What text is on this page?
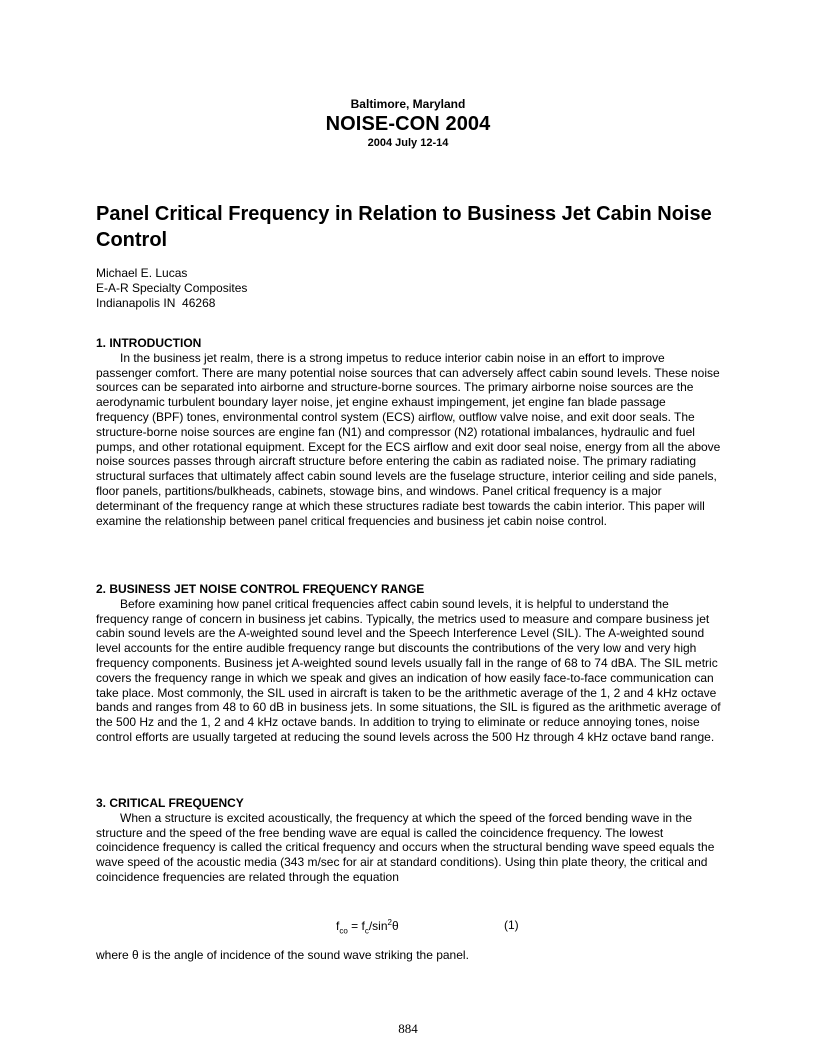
Baltimore, Maryland
NOISE-CON 2004
2004 July 12-14
Panel Critical Frequency in Relation to Business Jet Cabin Noise Control
Michael E. Lucas
E-A-R Specialty Composites
Indianapolis IN  46268
1. INTRODUCTION
In the business jet realm, there is a strong impetus to reduce interior cabin noise in an effort to improve passenger comfort. There are many potential noise sources that can adversely affect cabin sound levels. These noise sources can be separated into airborne and structure-borne sources. The primary airborne noise sources are the aerodynamic turbulent boundary layer noise, jet engine exhaust impingement, jet engine fan blade passage frequency (BPF) tones, environmental control system (ECS) airflow, outflow valve noise, and exit door seals. The structure-borne noise sources are engine fan (N1) and compressor (N2) rotational imbalances, hydraulic and fuel pumps, and other rotational equipment. Except for the ECS airflow and exit door seal noise, energy from all the above noise sources passes through aircraft structure before entering the cabin as radiated noise. The primary radiating structural surfaces that ultimately affect cabin sound levels are the fuselage structure, interior ceiling and side panels, floor panels, partitions/bulkheads, cabinets, stowage bins, and windows. Panel critical frequency is a major determinant of the frequency range at which these structures radiate best towards the cabin interior. This paper will examine the relationship between panel critical frequencies and business jet cabin noise control.
2. BUSINESS JET NOISE CONTROL FREQUENCY RANGE
Before examining how panel critical frequencies affect cabin sound levels, it is helpful to understand the frequency range of concern in business jet cabins. Typically, the metrics used to measure and compare business jet cabin sound levels are the A-weighted sound level and the Speech Interference Level (SIL). The A-weighted sound level accounts for the entire audible frequency range but discounts the contributions of the very low and very high frequency components. Business jet A-weighted sound levels usually fall in the range of 68 to 74 dBA. The SIL metric covers the frequency range in which we speak and gives an indication of how easily face-to-face communication can take place. Most commonly, the SIL used in aircraft is taken to be the arithmetic average of the 1, 2 and 4 kHz octave bands and ranges from 48 to 60 dB in business jets. In some situations, the SIL is figured as the arithmetic average of the 500 Hz and the 1, 2 and 4 kHz octave bands. In addition to trying to eliminate or reduce annoying tones, noise control efforts are usually targeted at reducing the sound levels across the 500 Hz through 4 kHz octave band range.
3. CRITICAL FREQUENCY
When a structure is excited acoustically, the frequency at which the speed of the forced bending wave in the structure and the speed of the free bending wave are equal is called the coincidence frequency. The lowest coincidence frequency is called the critical frequency and occurs when the structural bending wave speed equals the wave speed of the acoustic media (343 m/sec for air at standard conditions). Using thin plate theory, the critical and coincidence frequencies are related through the equation
$f_{co} = f_c/\sin^2\theta$	(1)
where θ is the angle of incidence of the sound wave striking the panel.
884
